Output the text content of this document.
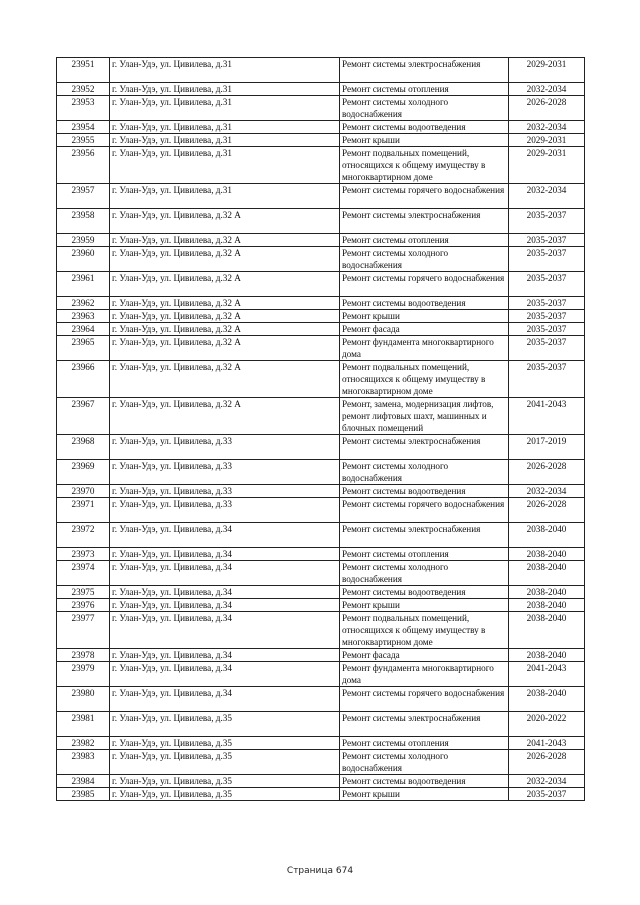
23951	г. Улан-Удэ, ул. Цивилева, д.31	Ремонт системы электроснабжения	2029-2031
23952	г. Улан-Удэ, ул. Цивилева, д.31	Ремонт системы отопления	2032-2034
23953	г. Улан-Удэ, ул. Цивилева, д.31	Ремонт системы холодного водоснабжения	2026-2028
23954	г. Улан-Удэ, ул. Цивилева, д.31	Ремонт системы водоотведения	2032-2034
23955	г. Улан-Удэ, ул. Цивилева, д.31	Ремонт крыши	2029-2031
23956	г. Улан-Удэ, ул. Цивилева, д.31	Ремонт подвальных помещений, относящихся к общему имуществу в многоквартирном доме	2029-2031
23957	г. Улан-Удэ, ул. Цивилева, д.31	Ремонт системы горячего водоснабжения	2032-2034
23958	г. Улан-Удэ, ул. Цивилева, д.32 А	Ремонт системы электроснабжения	2035-2037
23959	г. Улан-Удэ, ул. Цивилева, д.32 А	Ремонт системы отопления	2035-2037
23960	г. Улан-Удэ, ул. Цивилева, д.32 А	Ремонт системы холодного водоснабжения	2035-2037
23961	г. Улан-Удэ, ул. Цивилева, д.32 А	Ремонт системы горячего водоснабжения	2035-2037
23962	г. Улан-Удэ, ул. Цивилева, д.32 А	Ремонт системы водоотведения	2035-2037
23963	г. Улан-Удэ, ул. Цивилева, д.32 А	Ремонт крыши	2035-2037
23964	г. Улан-Удэ, ул. Цивилева, д.32 А	Ремонт фасада	2035-2037
23965	г. Улан-Удэ, ул. Цивилева, д.32 А	Ремонт фундамента многоквартирного дома	2035-2037
23966	г. Улан-Удэ, ул. Цивилева, д.32 А	Ремонт подвальных помещений, относящихся к общему имуществу в многоквартирном доме	2035-2037
23967	г. Улан-Удэ, ул. Цивилева, д.32 А	Ремонт, замена, модернизация лифтов, ремонт лифтовых шахт, машинных и блочных помещений	2041-2043
23968	г. Улан-Удэ, ул. Цивилева, д.33	Ремонт системы электроснабжения	2017-2019
23969	г. Улан-Удэ, ул. Цивилева, д.33	Ремонт системы холодного водоснабжения	2026-2028
23970	г. Улан-Удэ, ул. Цивилева, д.33	Ремонт системы водоотведения	2032-2034
23971	г. Улан-Удэ, ул. Цивилева, д.33	Ремонт системы горячего водоснабжения	2026-2028
23972	г. Улан-Удэ, ул. Цивилева, д.34	Ремонт системы электроснабжения	2038-2040
23973	г. Улан-Удэ, ул. Цивилева, д.34	Ремонт системы отопления	2038-2040
23974	г. Улан-Удэ, ул. Цивилева, д.34	Ремонт системы холодного водоснабжения	2038-2040
23975	г. Улан-Удэ, ул. Цивилева, д.34	Ремонт системы водоотведения	2038-2040
23976	г. Улан-Удэ, ул. Цивилева, д.34	Ремонт крыши	2038-2040
23977	г. Улан-Удэ, ул. Цивилева, д.34	Ремонт подвальных помещений, относящихся к общему имуществу в многоквартирном доме	2038-2040
23978	г. Улан-Удэ, ул. Цивилева, д.34	Ремонт фасада	2038-2040
23979	г. Улан-Удэ, ул. Цивилева, д.34	Ремонт фундамента многоквартирного дома	2041-2043
23980	г. Улан-Удэ, ул. Цивилева, д.34	Ремонт системы горячего водоснабжения	2038-2040
23981	г. Улан-Удэ, ул. Цивилева, д.35	Ремонт системы электроснабжения	2020-2022
23982	г. Улан-Удэ, ул. Цивилева, д.35	Ремонт системы отопления	2041-2043
23983	г. Улан-Удэ, ул. Цивилева, д.35	Ремонт системы холодного водоснабжения	2026-2028
23984	г. Улан-Удэ, ул. Цивилева, д.35	Ремонт системы водоотведения	2032-2034
23985	г. Улан-Удэ, ул. Цивилева, д.35	Ремонт крыши	2035-2037
Страница 674
